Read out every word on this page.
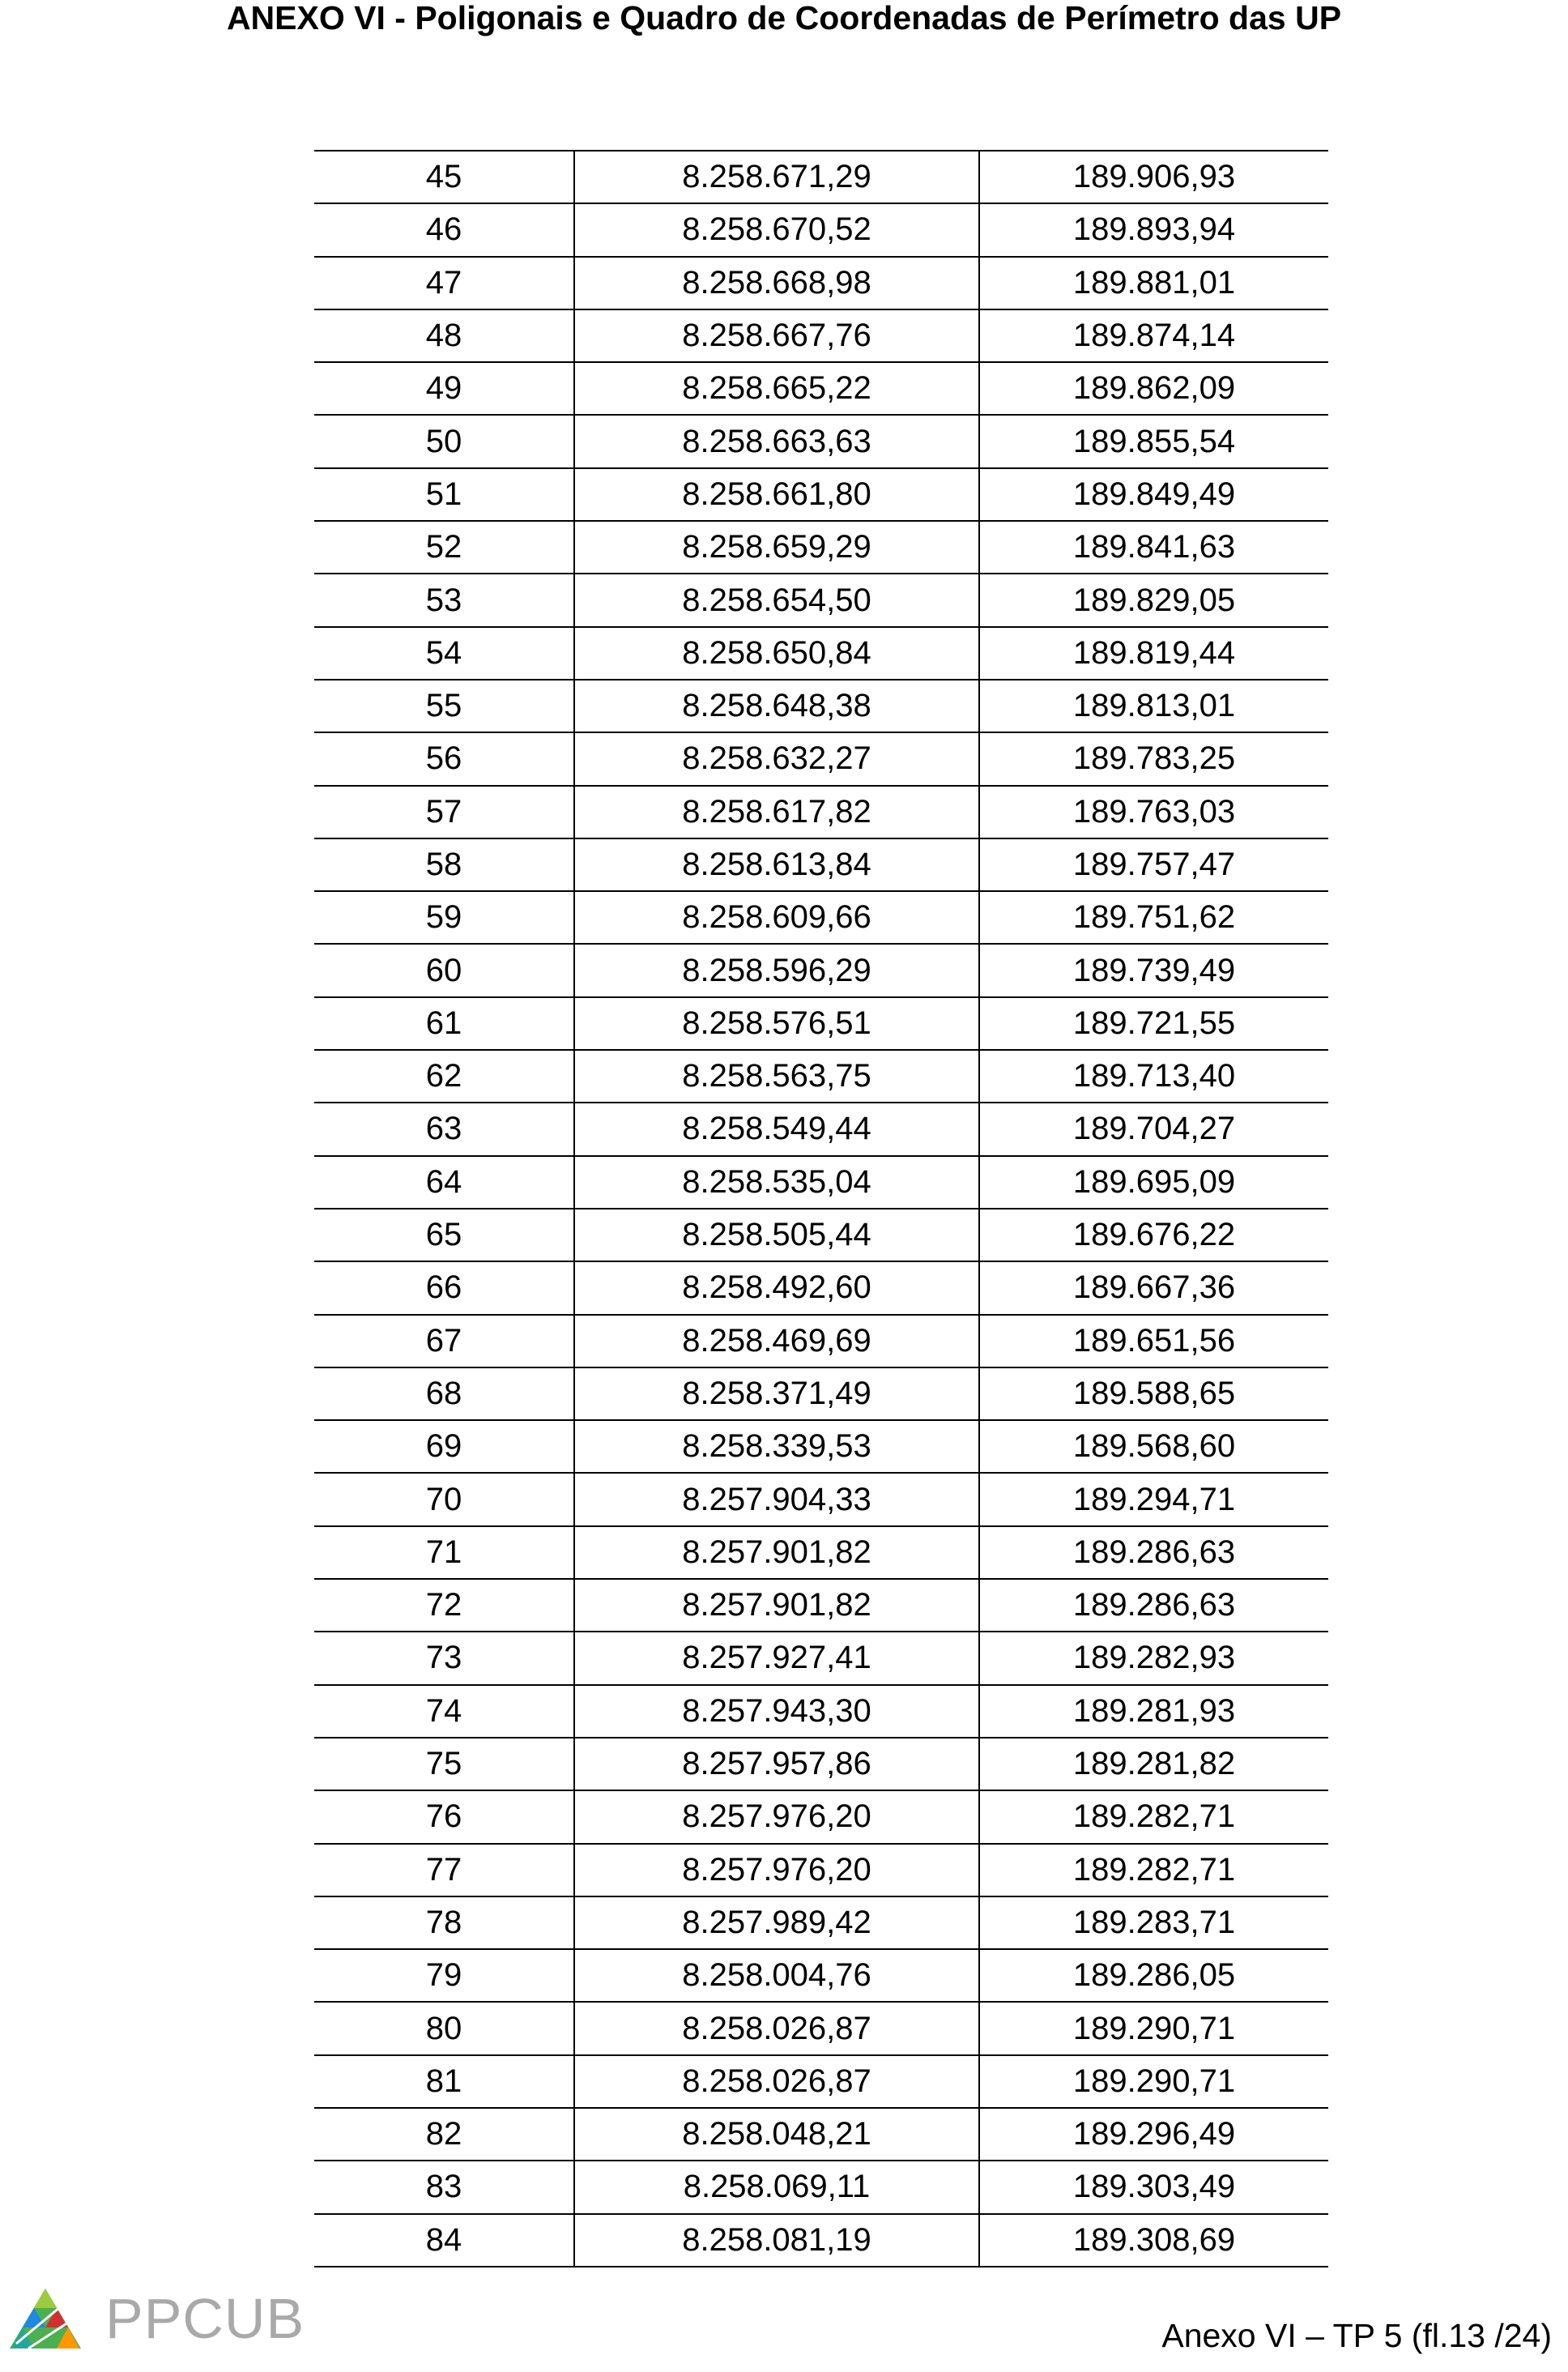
ANEXO VI - Poligonais e Quadro de Coordenadas de Perímetro das UP
45	8.258.671,29	189.906,93
46	8.258.670,52	189.893,94
47	8.258.668,98	189.881,01
48	8.258.667,76	189.874,14
49	8.258.665,22	189.862,09
50	8.258.663,63	189.855,54
51	8.258.661,80	189.849,49
52	8.258.659,29	189.841,63
53	8.258.654,50	189.829,05
54	8.258.650,84	189.819,44
55	8.258.648,38	189.813,01
56	8.258.632,27	189.783,25
57	8.258.617,82	189.763,03
58	8.258.613,84	189.757,47
59	8.258.609,66	189.751,62
60	8.258.596,29	189.739,49
61	8.258.576,51	189.721,55
62	8.258.563,75	189.713,40
63	8.258.549,44	189.704,27
64	8.258.535,04	189.695,09
65	8.258.505,44	189.676,22
66	8.258.492,60	189.667,36
67	8.258.469,69	189.651,56
68	8.258.371,49	189.588,65
69	8.258.339,53	189.568,60
70	8.257.904,33	189.294,71
71	8.257.901,82	189.286,63
72	8.257.901,82	189.286,63
73	8.257.927,41	189.282,93
74	8.257.943,30	189.281,93
75	8.257.957,86	189.281,82
76	8.257.976,20	189.282,71
77	8.257.976,20	189.282,71
78	8.257.989,42	189.283,71
79	8.258.004,76	189.286,05
80	8.258.026,87	189.290,71
81	8.258.026,87	189.290,71
82	8.258.048,21	189.296,49
83	8.258.069,11	189.303,49
84	8.258.081,19	189.308,69
PPCUB	Anexo VI – TP 5 (fl.13 /24)
